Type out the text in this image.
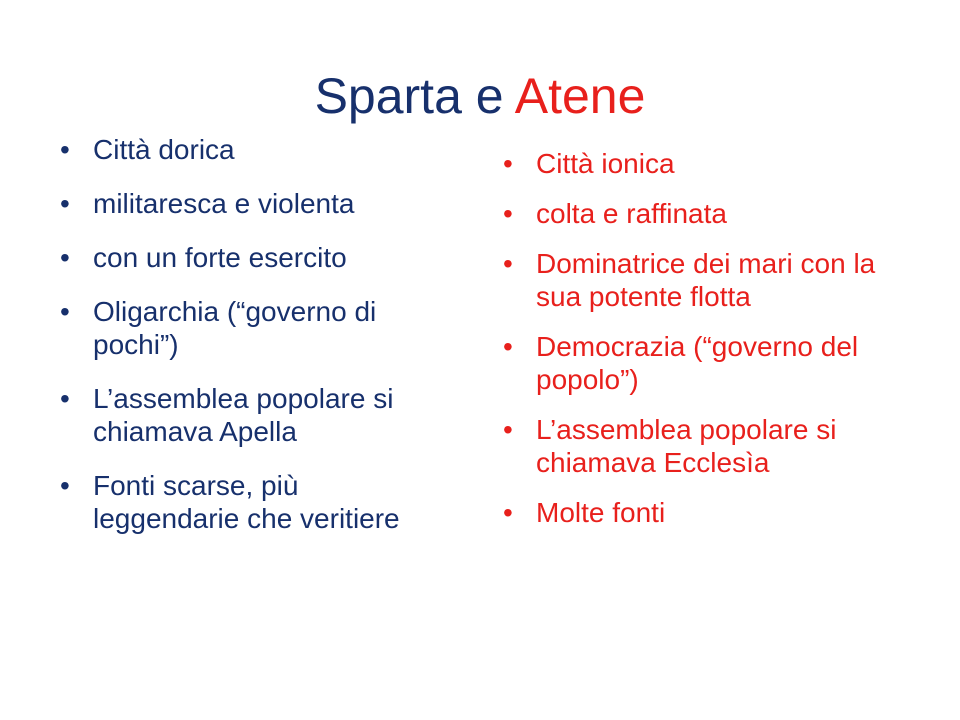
Sparta e Atene
• Città dorica
• militaresca e violenta
• con un forte esercito
• Oligarchia (“governo di pochi”)
• L’assemblea popolare si chiamava Apella
• Fonti scarse, più leggendarie che veritiere
• Città ionica
• colta e raffinata
• Dominatrice dei mari con la sua potente flotta
• Democrazia (“governo del popolo”)
• L’assemblea popolare si chiamava Ecclesìa
• Molte fonti
